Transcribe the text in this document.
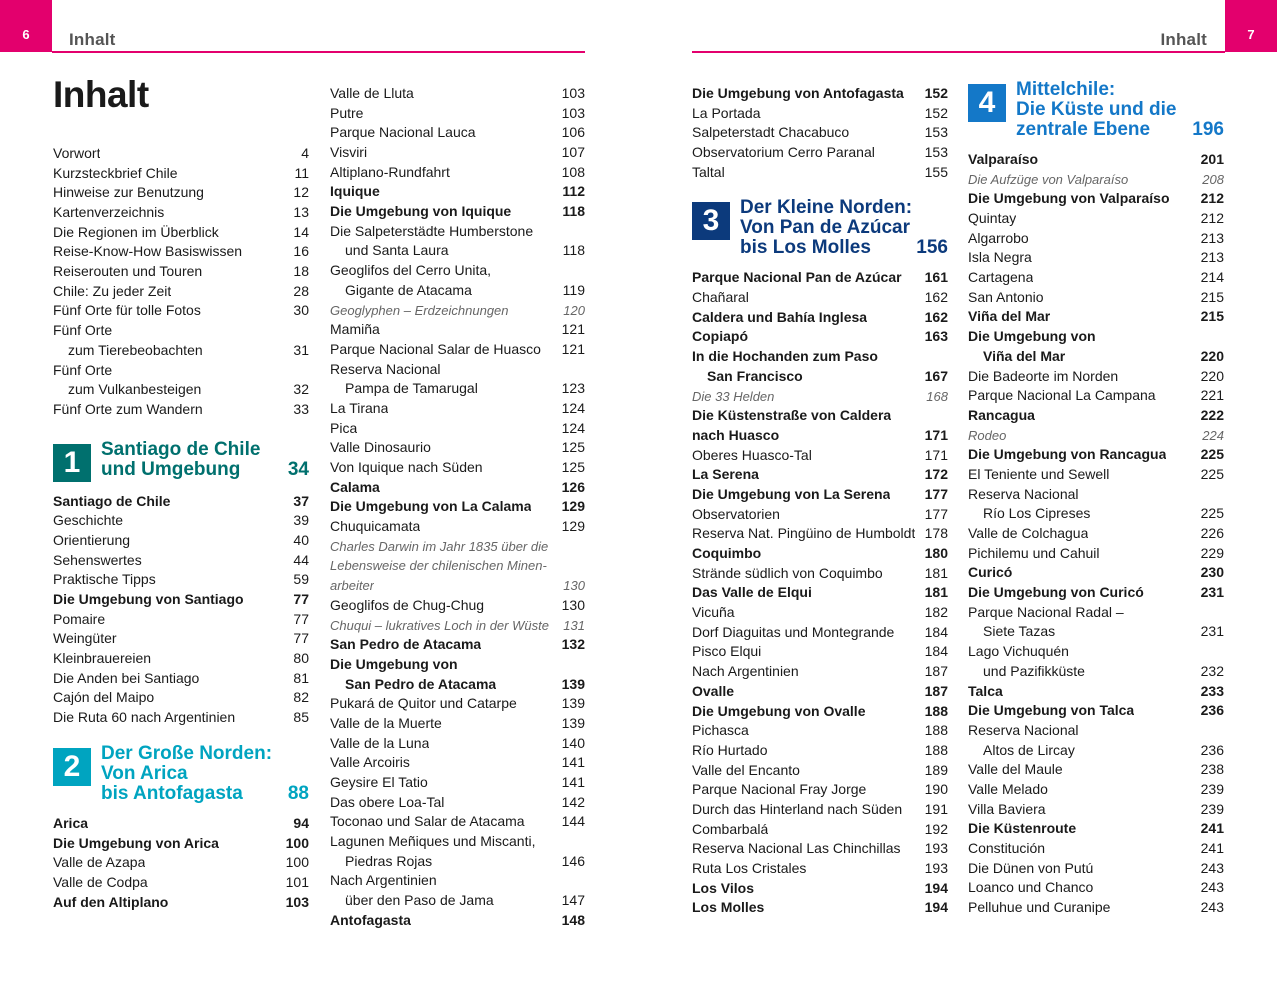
6	7
Inhalt	Inhalt
Inhalt
Vorwort	4
Kurzsteckbrief Chile	11
Hinweise zur Benutzung	12
Kartenverzeichnis	13
Die Regionen im Überblick	14
Reise-Know-How Basiswissen	16
Reiserouten und Touren	18
Chile: Zu jeder Zeit	28
Fünf Orte für tolle Fotos	30
Fünf Orte
zum Tierebeobachten	31
Fünf Orte
zum Vulkanbesteigen	32
Fünf Orte zum Wandern	33
1	Santiago de Chile
und Umgebung	34
Santiago de Chile	37
Geschichte	39
Orientierung	40
Sehenswertes	44
Praktische Tipps	59
Die Umgebung von Santiago	77
Pomaire	77
Weingüter	77
Kleinbrauereien	80
Die Anden bei Santiago	81
Cajón del Maipo	82
Die Ruta 60 nach Argentinien	85
2	Der Große Norden:
Von Arica
bis Antofagasta	88
Arica	94
Die Umgebung von Arica	100
Valle de Azapa	100
Valle de Codpa	101
Auf den Altiplano	103
Valle de Lluta	103
Putre	103
Parque Nacional Lauca	106
Visviri	107
Altiplano-Rundfahrt	108
Iquique	112
Die Umgebung von Iquique	118
Die Salpeterstädte Humberstone
und Santa Laura	118
Geoglifos del Cerro Unita,
Gigante de Atacama	119
Geoglyphen – Erdzeichnungen	120
Mamiña	121
Parque Nacional Salar de Huasco 121
Reserva Nacional
Pampa de Tamarugal	123
La Tirana	124
Pica	124
Valle Dinosaurio	125
Von Iquique nach Süden	125
Calama	126
Die Umgebung von La Calama 129
Chuquicamata	129
Charles Darwin im Jahr 1835 über die
Lebensweise der chilenischen Minen-
arbeiter	130
Geoglifos de Chug-Chug	130
Chuqui – lukratives Loch in der Wüste 131
San Pedro de Atacama	132
Die Umgebung von
San Pedro de Atacama	139
Pukará de Quitor und Catarpe	139
Valle de la Muerte	139
Valle de la Luna	140
Valle Arcoiris	141
Geysire El Tatio	141
Das obere Loa-Tal	142
Toconao und Salar de Atacama	144
Lagunen Meñiques und Miscanti,
Piedras Rojas	146
Nach Argentinien
über den Paso de Jama	147
Antofagasta	148
Die Umgebung von Antofagasta 152
La Portada	152
Salpeterstadt Chacabuco	153
Observatorium Cerro Paranal	153
Taltal	155
3	Der Kleine Norden:
Von Pan de Azúcar
bis Los Molles	156
Parque Nacional Pan de Azúcar 161
Chañaral	162
Caldera und Bahía Inglesa	162
Copiapó	163
In die Hochanden zum Paso
San Francisco	167
Die 33 Helden	168
Die Küstenstraße von Caldera
nach Huasco	171
Oberes Huasco-Tal	171
La Serena	172
Die Umgebung von La Serena 177
Observatorien	177
Reserva Nat. Pingüino de Humboldt 178
Coquimbo	180
Strände südlich von Coquimbo	181
Das Valle de Elqui	181
Vicuña	182
Dorf Diaguitas und Montegrande 184
Pisco Elqui	184
Nach Argentinien	187
Ovalle	187
Die Umgebung von Ovalle	188
Pichasca	188
Río Hurtado	188
Valle del Encanto	189
Parque Nacional Fray Jorge	190
Durch das Hinterland nach Süden 191
Combarbalá	192
Reserva Nacional Las Chinchillas 193
Ruta Los Cristales	193
Los Vilos	194
Los Molles	194
4	Mittelchile:
Die Küste und die
zentrale Ebene	196
Valparaíso	201
Die Aufzüge von Valparaíso	208
Die Umgebung von Valparaíso 212
Quintay	212
Algarrobo	213
Isla Negra	213
Cartagena	214
San Antonio	215
Viña del Mar	215
Die Umgebung von
Viña del Mar	220
Die Badeorte im Norden	220
Parque Nacional La Campana	221
Rancagua	222
Rodeo	224
Die Umgebung von Rancagua 225
El Teniente und Sewell	225
Reserva Nacional
Río Los Cipreses	225
Valle de Colchagua	226
Pichilemu und Cahuil	229
Curicó	230
Die Umgebung von Curicó	231
Parque Nacional Radal –
Siete Tazas	231
Lago Vichuquén
und Pazifikküste	232
Talca	233
Die Umgebung von Talca	236
Reserva Nacional
Altos de Lircay	236
Valle del Maule	238
Valle Melado	239
Villa Baviera	239
Die Küstenroute	241
Constitución	241
Die Dünen von Putú	243
Loanco und Chanco	243
Pelluhue und Curanipe	243
